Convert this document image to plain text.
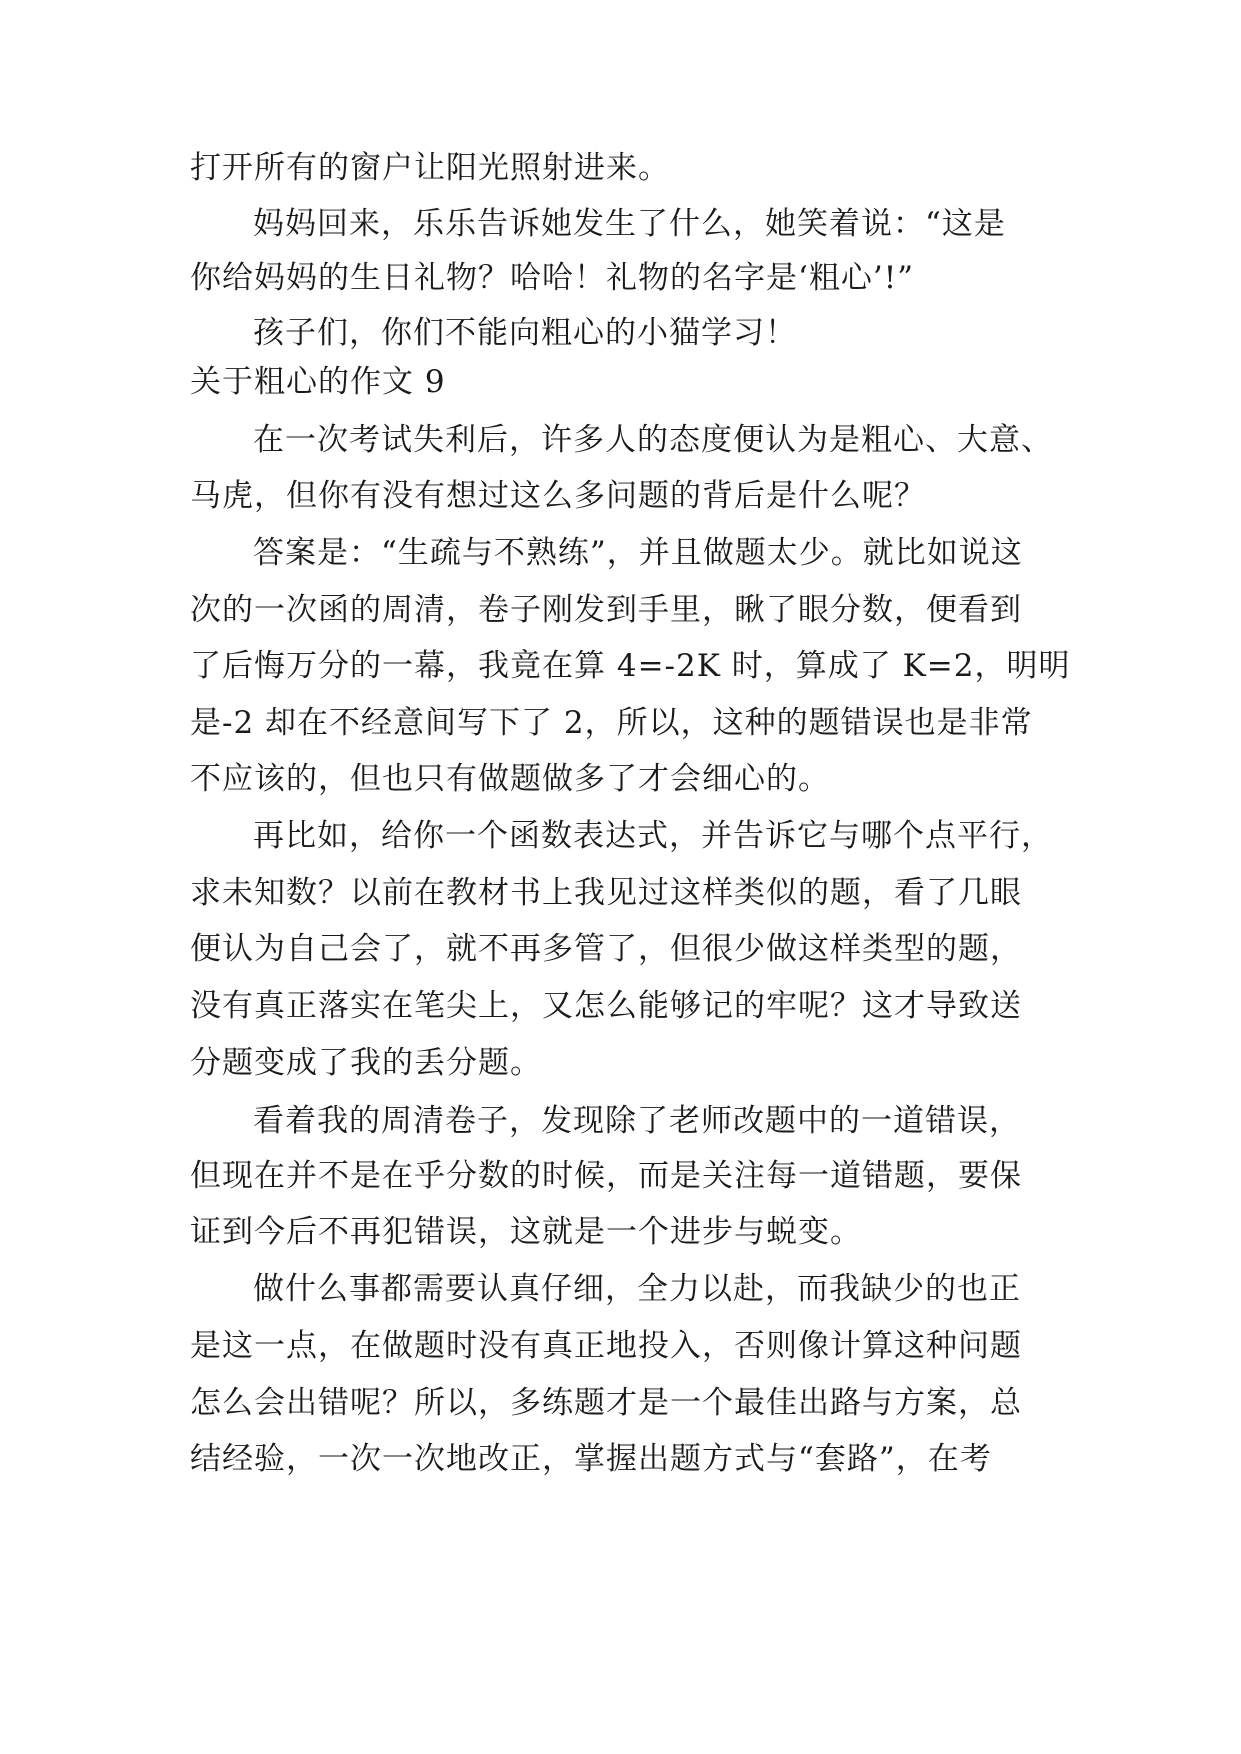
打开所有的窗户让阳光照射进来。

妈妈回来，乐乐告诉她发生了什么，她笑着说：“这是

你给妈妈的生日礼物？哈哈！礼物的名字是‘粗心’!”

孩子们，你们不能向粗心的小猫学习！

关于粗心的作文 9

在一次考试失利后，许多人的态度便认为是粗心、大意、

马虎，但你有没有想过这么多问题的背后是什么呢？

答案是：“生疏与不熟练”，并且做题太少。就比如说这

次的一次函的周清，卷子刚发到手里，瞅了眼分数，便看到

了后悔万分的一幕，我竟在算 4=-2K 时，算成了 K=2，明明

是-2 却在不经意间写下了 2，所以，这种的题错误也是非常

不应该的，但也只有做题做多了才会细心的。

再比如，给你一个函数表达式，并告诉它与哪个点平行，

求未知数？以前在教材书上我见过这样类似的题，看了几眼

便认为自己会了，就不再多管了，但很少做这样类型的题，

没有真正落实在笔尖上，又怎么能够记的牢呢？这才导致送

分题变成了我的丢分题。

看着我的周清卷子，发现除了老师改题中的一道错误，

但现在并不是在乎分数的时候，而是关注每一道错题，要保

证到今后不再犯错误，这就是一个进步与蜕变。

做什么事都需要认真仔细，全力以赴，而我缺少的也正

是这一点，在做题时没有真正地投入，否则像计算这种问题

怎么会出错呢？所以，多练题才是一个最佳出路与方案，总

结经验，一次一次地改正，掌握出题方式与“套路”，在考
